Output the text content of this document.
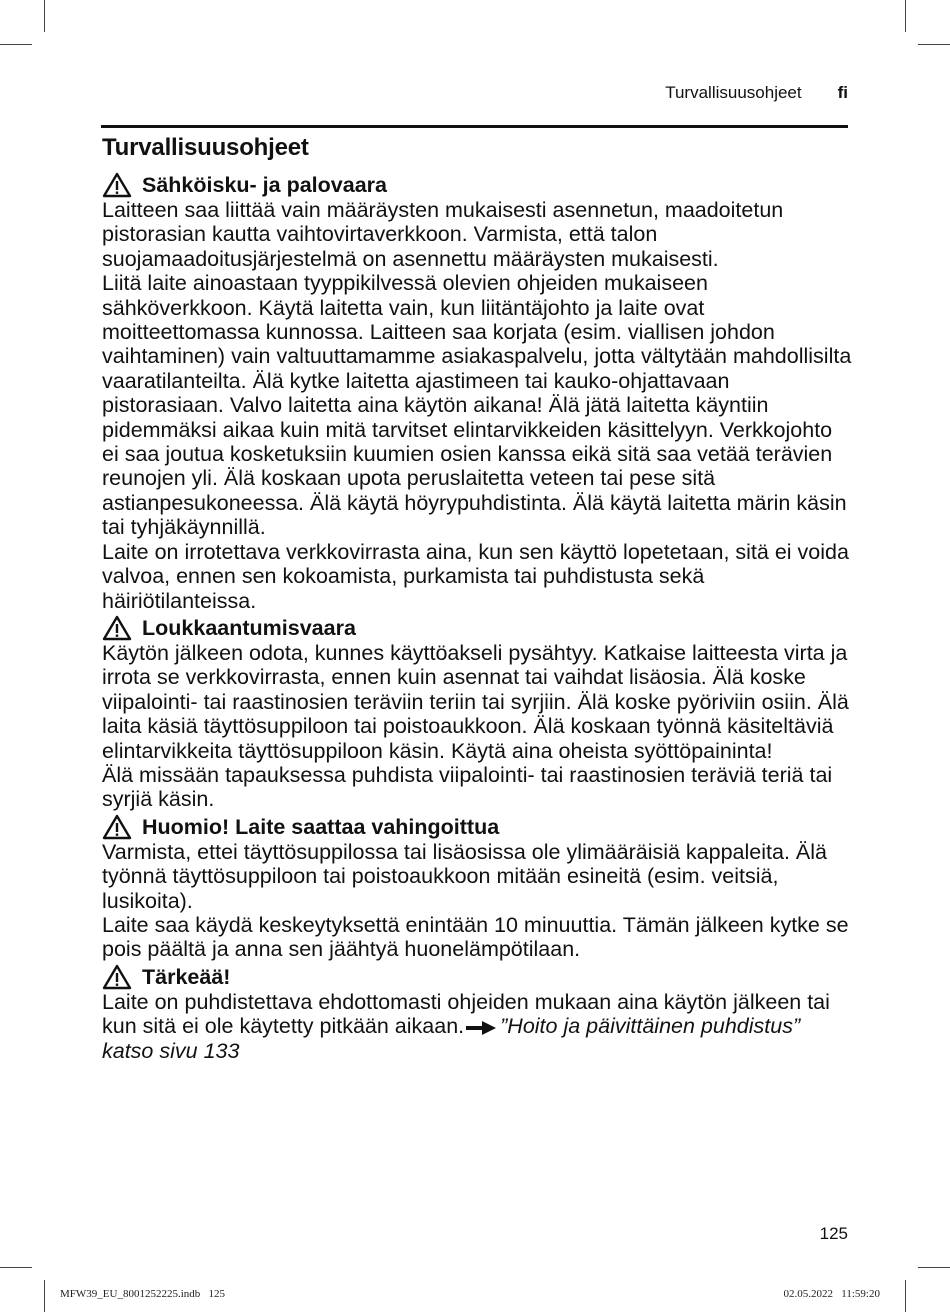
Turvallisuusohjeet fi
Turvallisuusohjeet
Sähköisku- ja palovaara

Laitteen saa liittää vain määräysten mukaisesti asennetun, maadoitetun pistorasian kautta vaihtovirtaverkkoon. Varmista, että talon suojamaadoitusjärjestelmä on asennettu määräysten mukaisesti.

Liitä laite ainoastaan tyyppikilvessä olevien ohjeiden mukaiseen sähköverkkoon. Käytä laitetta vain, kun liitäntäjohto ja laite ovat moitteettomassa kunnossa. Laitteen saa korjata (esim. viallisen johdon vaihtaminen) vain valtuuttamamme asiakaspalvelu, jotta vältytään mahdollisilta vaaratilanteilta. Älä kytke laitetta ajastimeen tai kauko-ohjattavaan pistorasiaan. Valvo laitetta aina käytön aikana! Älä jätä laitetta käyntiin pidemmäksi aikaa kuin mitä tarvitset elintarvikkeiden käsittelyyn. Verkkojohto ei saa joutua kosketuksiin kuumien osien kanssa eikä sitä saa vetää terävien reunojen yli. Älä koskaan upota peruslaitetta veteen tai pese sitä astianpesukoneessa. Älä käytä höyrypuhdistinta. Älä käytä laitetta märin käsin tai tyhjäkäynnillä.

Laite on irrotettava verkkovirrasta aina, kun sen käyttö lopetetaan, sitä ei voida valvoa, ennen sen kokoamista, purkamista tai puhdistusta sekä häiriötilanteissa.

Loukkaantumisvaara

Käytön jälkeen odota, kunnes käyttöakseli pysähtyy. Katkaise laitteesta virta ja irrota se verkkovirrasta, ennen kuin asennat tai vaihdat lisäosia. Älä koske viipalointi- tai raastinosien teräviin teriin tai syrjiin. Älä koske pyöriviin osiin. Älä laita käsiä täyttösuppiloon tai poistoaukkoon. Älä koskaan työnnä käsiteltäviä elintarvikkeita täyttösuppiloon käsin. Käytä aina oheista syöttöpaininta!

Älä missään tapauksessa puhdista viipalointi- tai raastinosien teräviä teriä tai syrjiä käsin.

Huomio! Laite saattaa vahingoittua

Varmista, ettei täyttösuppilossa tai lisäosissa ole ylimääräisiä kappaleita. Älä työnnä täyttösuppiloon tai poistoaukkoon mitään esineitä (esim. veitsiä, lusikoita).

Laite saa käydä keskeytyksettä enintään 10 minuuttia. Tämän jälkeen kytke se pois päältä ja anna sen jäähtyä huonelämpötilaan.

Tärkeää!

Laite on puhdistettava ehdottomasti ohjeiden mukaan aina käytön jälkeen tai kun sitä ei ole käytetty pitkään aikaan. ”Hoito ja päivittäinen puhdistus” katso sivu 133

125
MFW39_EU_8001252225.indb   125	02.05.2022   11:59:20
